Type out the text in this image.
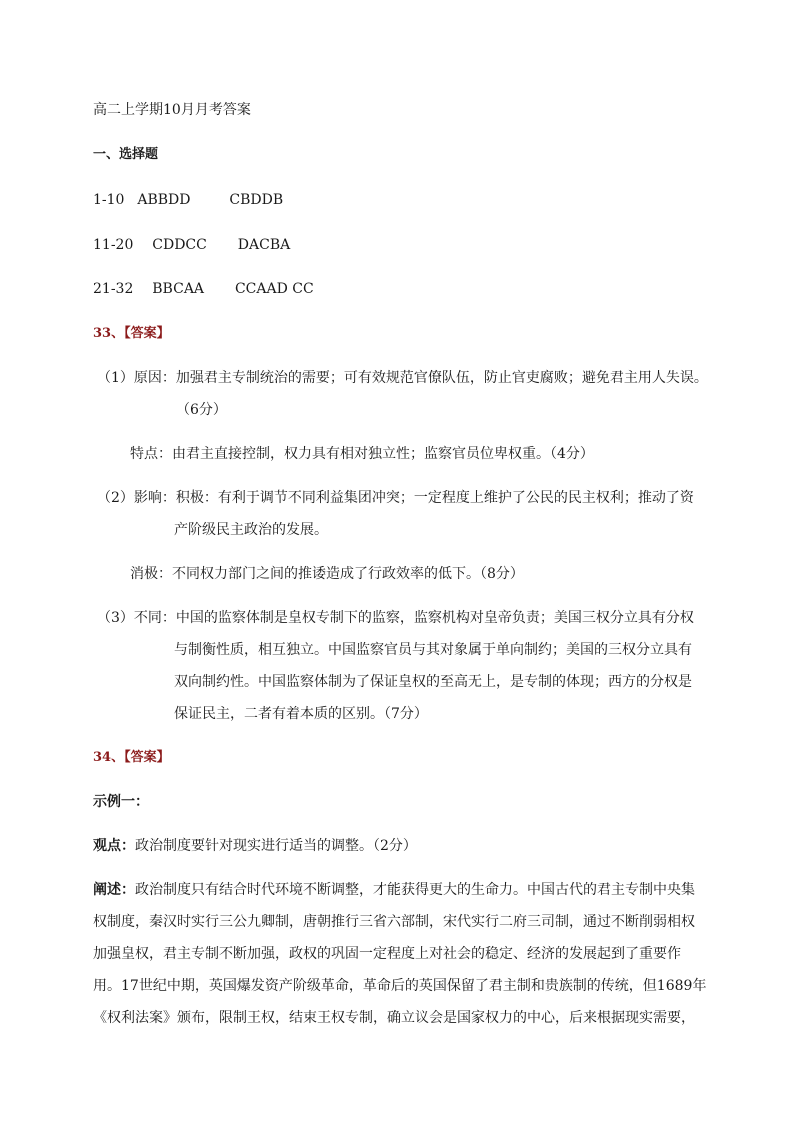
高二上学期10月月考答案
一、选择题
1-10 ABBDD	CBDDB
11-20 CDDCC DACBA
21-32 BBCAA CCAAD CC
33、【答案】
（1）原因：加强君主专制统治的需要；可有效规范官僚队伍，防止官吏腐败；避免君主用人失误。
（6分）
特点：由君主直接控制，权力具有相对独立性；监察官员位卑权重。（4分）
（2）影响：积极：有利于调节不同利益集团冲突；一定程度上维护了公民的民主权利；推动了资
产阶级民主政治的发展。
消极：不同权力部门之间的推诿造成了行政效率的低下。（8分）
（3）不同：中国的监察体制是皇权专制下的监察，监察机构对皇帝负责；美国三权分立具有分权
与制衡性质，相互独立。中国监察官员与其对象属于单向制约；美国的三权分立具有
双向制约性。中国监察体制为了保证皇权的至高无上，是专制的体现；西方的分权是
保证民主，二者有着本质的区别。（7分）
34、【答案】
示例一：
观点：政治制度要针对现实进行适当的调整。（2分）
阐述：政治制度只有结合时代环境不断调整，才能获得更大的生命力。中国古代的君主专制中央集
权制度，秦汉时实行三公九卿制，唐朝推行三省六部制，宋代实行二府三司制，通过不断削弱相权
加强皇权，君主专制不断加强，政权的巩固一定程度上对社会的稳定、经济的发展起到了重要作
用。17世纪中期，英国爆发资产阶级革命，革命后的英国保留了君主制和贵族制的传统，但1689年
《权利法案》颁布，限制王权，结束王权专制，确立议会是国家权力的中心，后来根据现实需要，
